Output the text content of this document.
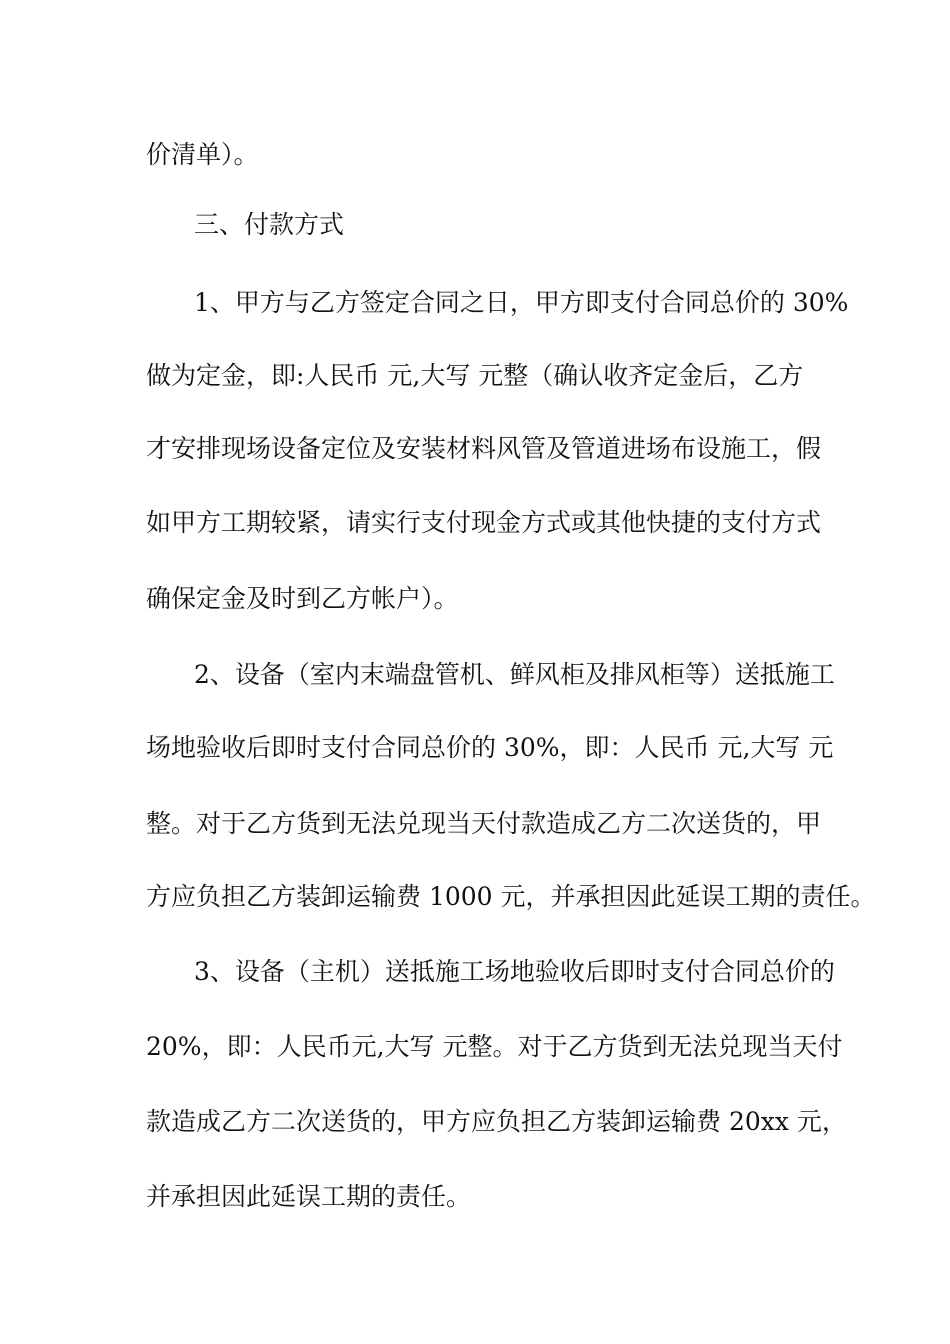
价清单）。

三、付款方式

1、甲方与乙方签定合同之日，甲方即支付合同总价的 30%

做为定金，即:人民币 元,大写 元整（确认收齐定金后，乙方

才安排现场设备定位及安装材料风管及管道进场布设施工，假

如甲方工期较紧，请实行支付现金方式或其他快捷的支付方式

确保定金及时到乙方帐户）。

2、设备（室内末端盘管机、鲜风柜及排风柜等）送抵施工

场地验收后即时支付合同总价的 30%，即：人民币 元,大写 元

整。对于乙方货到无法兑现当天付款造成乙方二次送货的，甲

方应负担乙方装卸运输费 1000 元，并承担因此延误工期的责任。

3、设备（主机）送抵施工场地验收后即时支付合同总价的

20%，即：人民币元,大写 元整。对于乙方货到无法兑现当天付

款造成乙方二次送货的，甲方应负担乙方装卸运输费 20xx 元，

并承担因此延误工期的责任。
